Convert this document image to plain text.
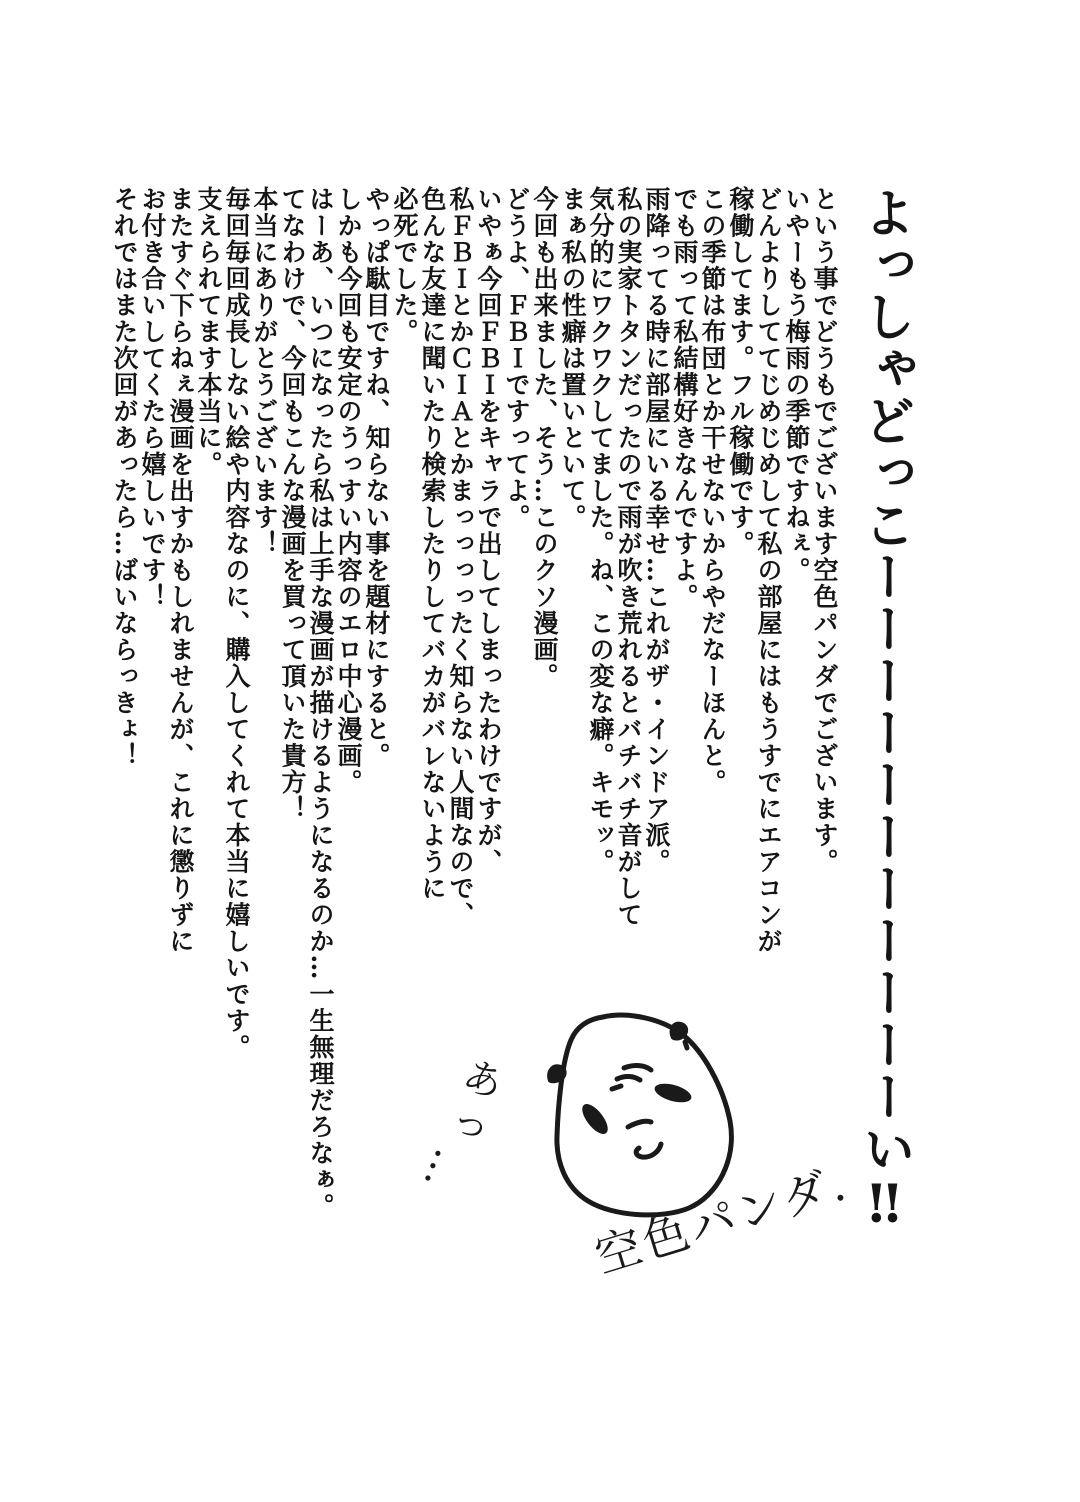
よっしゃどっこーーーーーーーーーーーい‼

という事でどうもでございます空色パンダでございます。

いやーもう梅雨の季節ですねぇ。

どんよりしててじめじめして私の部屋にはもうすでにエアコンが

稼働してます。フル稼働です。

この季節は布団とか干せないからやだなーほんと。

でも雨って私結構好きなんですよ。

雨降ってる時に部屋にいる幸せ…これがザ・インドア派。

私の実家トタンだったので雨が吹き荒れるとバチバチ音がして

気分的にワクワクしてました。ね、この変な癖。キモッ。

まぁ私の性癖は置いといて。

今回も出来ました、そう…このクソ漫画。

どうよ、ＦＢＩですってよ。

いやぁ今回ＦＢＩをキャラで出してしまったわけですが、

私ＦＢＩとかＣＩＡとかまっっっったく知らない人間なので、

色んな友達に聞いたり検索したりしてバカがバレないように

必死でした。

やっぱ駄目ですね、知らない事を題材にすると。

しかも今回も安定のうっすい内容のエロ中心漫画。

はーあ、いつになったら私は上手な漫画が描けるようになるのか…一生無理だろなぁ。

てなわけで、今回もこんな漫画を買って頂いた貴方！

本当にありがとうございます！

毎回毎回成長しない絵や内容なのに、購入してくれて本当に嬉しいです。

支えられてます本当に。

またすぐ下らねぇ漫画を出すかもしれませんが、これに懲りずに

お付き合いしてくたら嬉しいです！

それではまた次回があったら…ばいならっきょ！

あっ…
空色パンダ.
